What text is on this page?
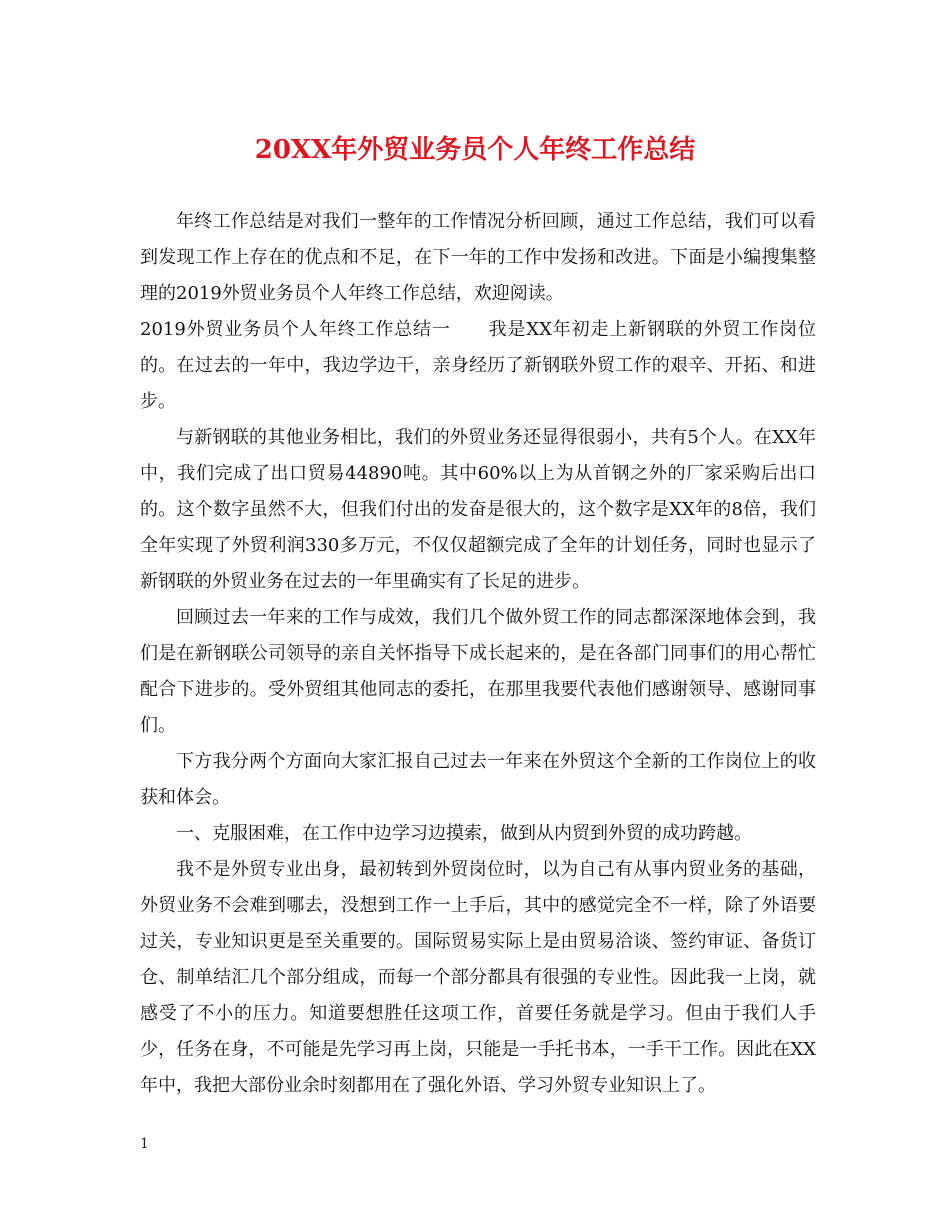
20XX年外贸业务员个人年终工作总结

年终工作总结是对我们一整年的工作情况分析回顾，通过工作总结，我们可以看到发现工作上存在的优点和不足，在下一年的工作中发扬和改进。下面是小编搜集整理的2019外贸业务员个人年终工作总结，欢迎阅读。

2019外贸业务员个人年终工作总结一　　我是XX年初走上新钢联的外贸工作岗位的。在过去的一年中，我边学边干，亲身经历了新钢联外贸工作的艰辛、开拓、和进步。

与新钢联的其他业务相比，我们的外贸业务还显得很弱小，共有5个人。在XX年中，我们完成了出口贸易44890吨。其中60%以上为从首钢之外的厂家采购后出口的。这个数字虽然不大，但我们付出的发奋是很大的，这个数字是XX年的8倍，我们全年实现了外贸利润330多万元，不仅仅超额完成了全年的计划任务，同时也显示了新钢联的外贸业务在过去的一年里确实有了长足的进步。

回顾过去一年来的工作与成效，我们几个做外贸工作的同志都深深地体会到，我们是在新钢联公司领导的亲自关怀指导下成长起来的，是在各部门同事们的用心帮忙配合下进步的。受外贸组其他同志的委托，在那里我要代表他们感谢领导、感谢同事们。

下方我分两个方面向大家汇报自己过去一年来在外贸这个全新的工作岗位上的收获和体会。

一、克服困难，在工作中边学习边摸索，做到从内贸到外贸的成功跨越。

我不是外贸专业出身，最初转到外贸岗位时，以为自己有从事内贸业务的基础，外贸业务不会难到哪去，没想到工作一上手后，其中的感觉完全不一样，除了外语要过关，专业知识更是至关重要的。国际贸易实际上是由贸易洽谈、签约审证、备货订仓、制单结汇几个部分组成，而每一个部分都具有很强的专业性。因此我一上岗，就感受了不小的压力。知道要想胜任这项工作，首要任务就是学习。但由于我们人手少，任务在身，不可能是先学习再上岗，只能是一手托书本，一手干工作。因此在XX年中，我把大部份业余时刻都用在了强化外语、学习外贸专业知识上了。

1
